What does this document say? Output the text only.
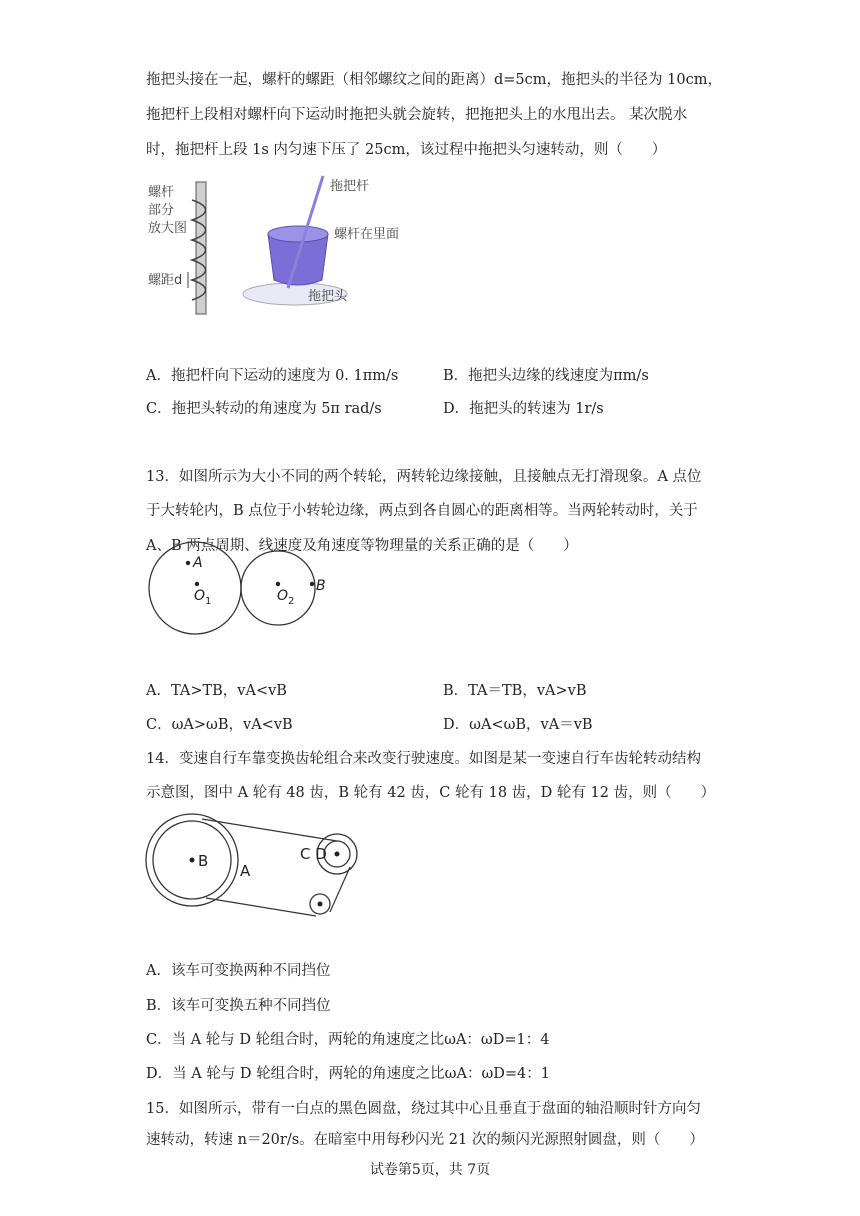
拖把头接在一起，螺杆的螺距（相邻螺纹之间的距离）d=5cm，拖把头的半径为 10cm，
拖把杆上段相对螺杆向下运动时拖把头就会旋转，把拖把头上的水甩出去。 某次脱水
时，拖把杆上段 1s 内匀速下压了 25cm，该过程中拖把头匀速转动，则（　　）
螺杆
部分
放大图
螺距d
拖把杆
螺杆在里面
拖把头
A．拖把杆向下运动的速度为 0. 1πm/s	B．拖把头边缘的线速度为πm/s
C．拖把头转动的角速度为 5π rad/s	D．拖把头的转速为 1r/s
13．如图所示为大小不同的两个转轮，两转轮边缘接触，且接触点无打滑现象。A 点位
于大转轮内，B 点位于小转轮边缘，两点到各自圆心的距离相等。当两轮转动时，关于
A、B 两点周期、线速度及角速度等物理量的关系正确的是（　　）
A
O 1	O 2
B
A．TA>TB，vA<vB	B．TA＝TB，vA>vB
C．ωA>ωB，vA<vB	D．ωA<ωB，vA＝vB
14．变速自行车靠变换齿轮组合来改变行驶速度。如图是某一变速自行车齿轮转动结构
示意图，图中 A 轮有 48 齿，B 轮有 42 齿，C 轮有 18 齿，D 轮有 12 齿，则（　　）
B
A
C D
A．该车可变换两种不同挡位
B．该车可变换五种不同挡位
C．当 A 轮与 D 轮组合时，两轮的角速度之比ωA：ωD=1：4
D．当 A 轮与 D 轮组合时，两轮的角速度之比ωA：ωD=4：1
15．如图所示，带有一白点的黑色圆盘，绕过其中心且垂直于盘面的轴沿顺时针方向匀
速转动，转速 n＝20r/s。在暗室中用每秒闪光 21 次的频闪光源照射圆盘，则（　　）
试卷第5页，共 7页
